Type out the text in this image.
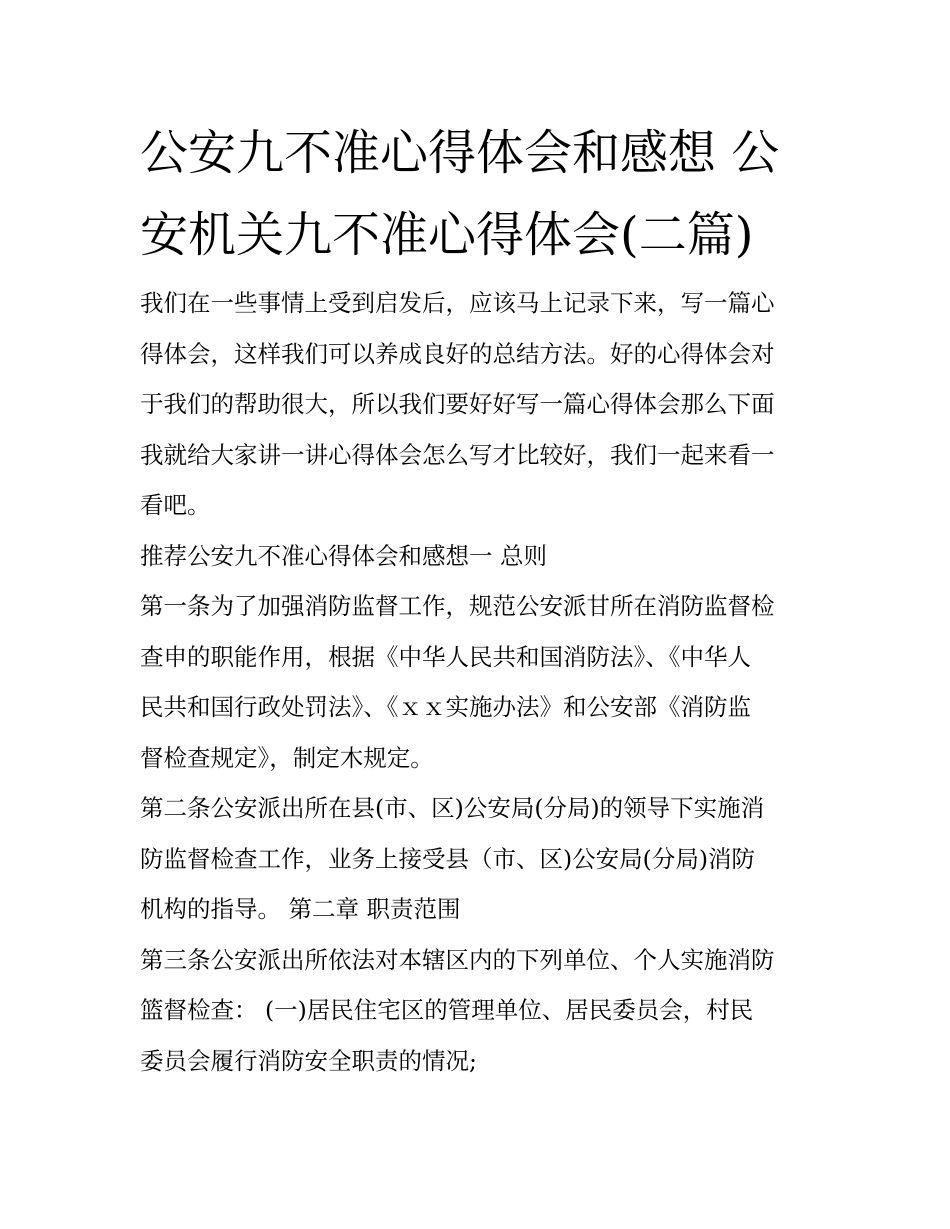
公安九不准心得体会和感想 公
安机关九不准心得体会(二篇)

我们在一些事情上受到启发后，应该马上记录下来，写一篇心
得体会，这样我们可以养成良好的总结方法。好的心得体会对
于我们的帮助很大，所以我们要好好写一篇心得体会那么下面
我就给大家讲一讲心得体会怎么写才比较好，我们一起来看一
看吧。

推荐公安九不准心得体会和感想一 总则

第一条为了加强消防监督工作，规范公安派甘所在消防监督检
查申的职能作用，根据《中华人民共和国消防法》、《中华人
民共和国行政处罚法》、《ｘｘ实施办法》和公安部《消防监
督检查规定》，制定木规定。

第二条公安派出所在县(市、区)公安局(分局)的领导下实施消
防监督检查工作，业务上接受县（市、区)公安局(分局)消防
机构的指导。 第二章 职责范围

第三条公安派出所依法对本辖区内的下列单位、个人实施消防
篮督检查： (一)居民住宅区的管理单位、居民委员会，村民
委员会履行消防安全职责的情况;
